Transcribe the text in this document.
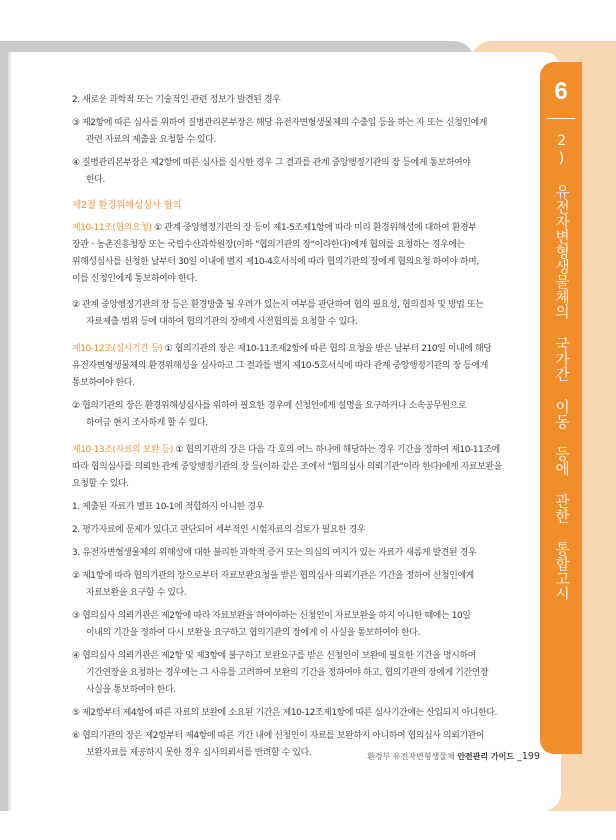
6
2) 유전자변형생물체의 국가간 이동 등에 관한 통합고시

2. 새로운 과학적 또는 기술적인 관련 정보가 발견된 경우

③ 제2항에 따른 심사를 위하여 질병관리본부장은 해당 유전자변형생물체의 수출입 등을 하는 자 또는 신청인에게
관련 자료의 제출을 요청할 수 있다.

④ 질병관리본부장은 제2항에 따른 심사를 실시한 경우 그 결과를 관계 중앙행정기관의 장 등에게 통보하여야
한다.

제2절 환경위해성심사 협의

제10-11조(협의요청) ① 관계 중앙행정기관의 장 등이 제1-5조제1항에 따라 미리 환경위해성에 대하여 환경부
장관ㆍ농촌진흥청장 또는 국립수산과학원장(이하 "협의기관의 장"이라한다)에게 협의를 요청하는 경우에는
위해성심사를 신청한 날부터 30일 이내에 별지 제10-4호서식에 따라 협의기관의 장에게 협의요청 하여야 하며,
이를 신청인에게 통보하여야 한다.

② 관계 중앙행정기관의 장 등은 환경방출 될 우려가 있는지 여부를 판단하여 협의 필요성, 협의절차 및 방법 또는
자료제출 범위 등에 대하여 협의기관의 장에게 사전협의를 요청할 수 있다.

제10-12조(심사기간 등) ① 협의기관의 장은 제10-11조제2항에 따른 협의 요청을 받은 날부터 210일 이내에 해당
유전자변형생물체의 환경위해성을 심사하고 그 결과를 별지 제10-5호서식에 따라 관계 중앙행정기관의 장 등에게
통보하여야 한다.

② 협의기관의 장은 환경위해성심사를 위하여 필요한 경우에 신청인에게 설명을 요구하거나 소속공무원으로
하여금 현지 조사하게 할 수 있다.

제10-13조(자료의 보완 등) ① 협의기관의 장은 다음 각 호의 어느 하나에 해당하는 경우 기간을 정하여 제10-11조에
따라 협의심사를 의뢰한 관계 중앙행정기관의 장 등(이하 같은 조에서 "협의심사 의뢰기관"이라 한다)에게 자료보완을
요청할 수 있다.

1. 제출된 자료가 별표 10-1에 적합하지 아니한 경우

2. 평가자료에 문제가 있다고 판단되어 세부적인 시험자료의 검토가 필요한 경우

3. 유전자변형생물체의 위해성에 대한 불리한 과학적 증거 또는 의심의 여지가 있는 자료가 새롭게 발견된 경우

② 제1항에 따라 협의기관의 장으로부터 자료보완요청을 받은 협의심사 의뢰기관은 기간을 정하여 신청인에게
자료보완을 요구할 수 있다.

③ 협의심사 의뢰기관은 제2항에 따라 자료보완을 하여야하는 신청인이 자료보완을 하지 아니한 때에는 10일
이내의 기간을 정하여 다시 보완을 요구하고 협의기관의 장에게 이 사실을 통보하여야 한다.

④ 협의심사 의뢰기관은 제2항 및 제3항에 불구하고 보완요구를 받은 신청인이 보완에 필요한 기간을 명시하여
기간연장을 요청하는 경우에는 그 사유를 고려하여 보완의 기간을 정하여야 하고, 협의기관의 장에게 기간연장
사실을 통보하여야 한다.

⑤ 제2항부터 제4항에 따른 자료의 보완에 소요된 기간은 제10-12조제1항에 따른 심사기간에는 산입되지 아니한다.

⑥ 협의기관의 장은 제2항부터 제4항에 따른 기간 내에 신청인이 자료를 보완하지 아니하여 협의심사 의뢰기관이
보완자료를 제공하지 못한 경우 심사의뢰서를 반려할 수 있다.	환경부 유전자변형생물체 안전관리 가이드 _199
